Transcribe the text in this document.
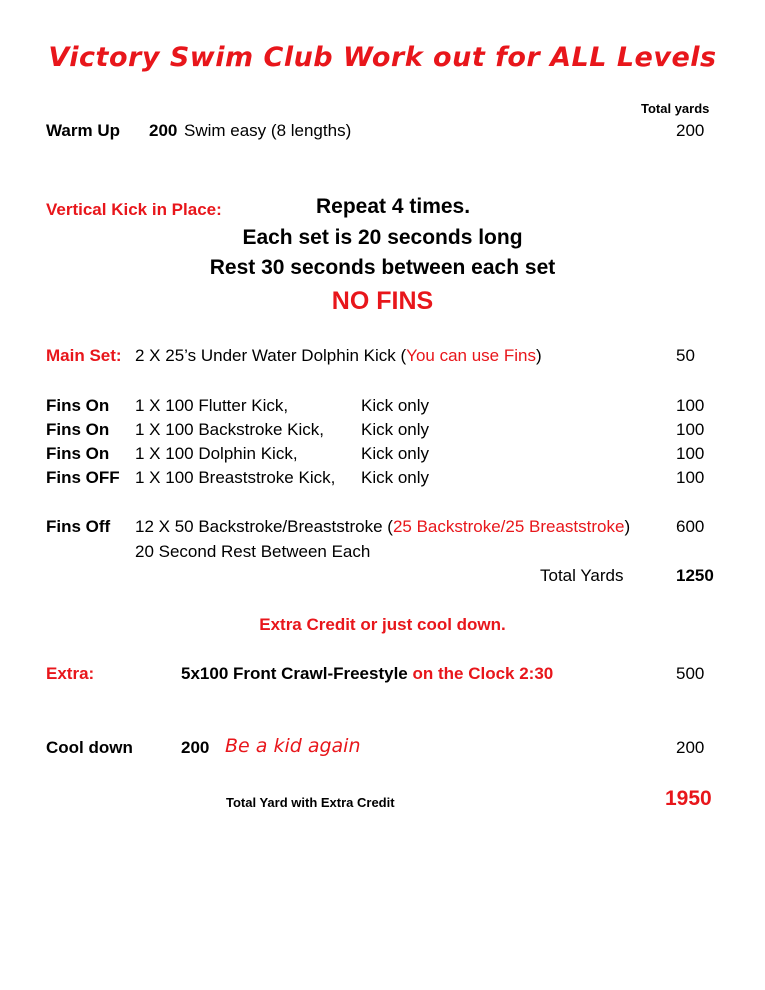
Victory Swim Club Work out for ALL Levels
Total yards
Warm Up 200 Swim easy (8 lengths)	200
Vertical Kick in Place:	Repeat 4 times.
Each set is 20 seconds long
Rest 30 seconds between each set
NO FINS
Main Set: 2 X 25’s Under Water Dolphin Kick (You can use Fins)	50
Fins On 1 X 100 Flutter Kick,	Kick only	100
Fins On 1 X 100 Backstroke Kick, Kick only	100
Fins On 1 X 100 Dolphin Kick,	Kick only	100
Fins OFF 1 X 100 Breaststroke Kick, Kick only	100
Fins Off 12 X 50 Backstroke/Breaststroke (25 Backstroke/25 Breaststroke)	600
20 Second Rest Between Each
Total Yards	1250
Extra Credit or just cool down.
Extra:	5x100 Front Crawl-Freestyle on the Clock 2:30	500
Cool down	200 Be a kid again	200
Total Yard with Extra Credit	1950
